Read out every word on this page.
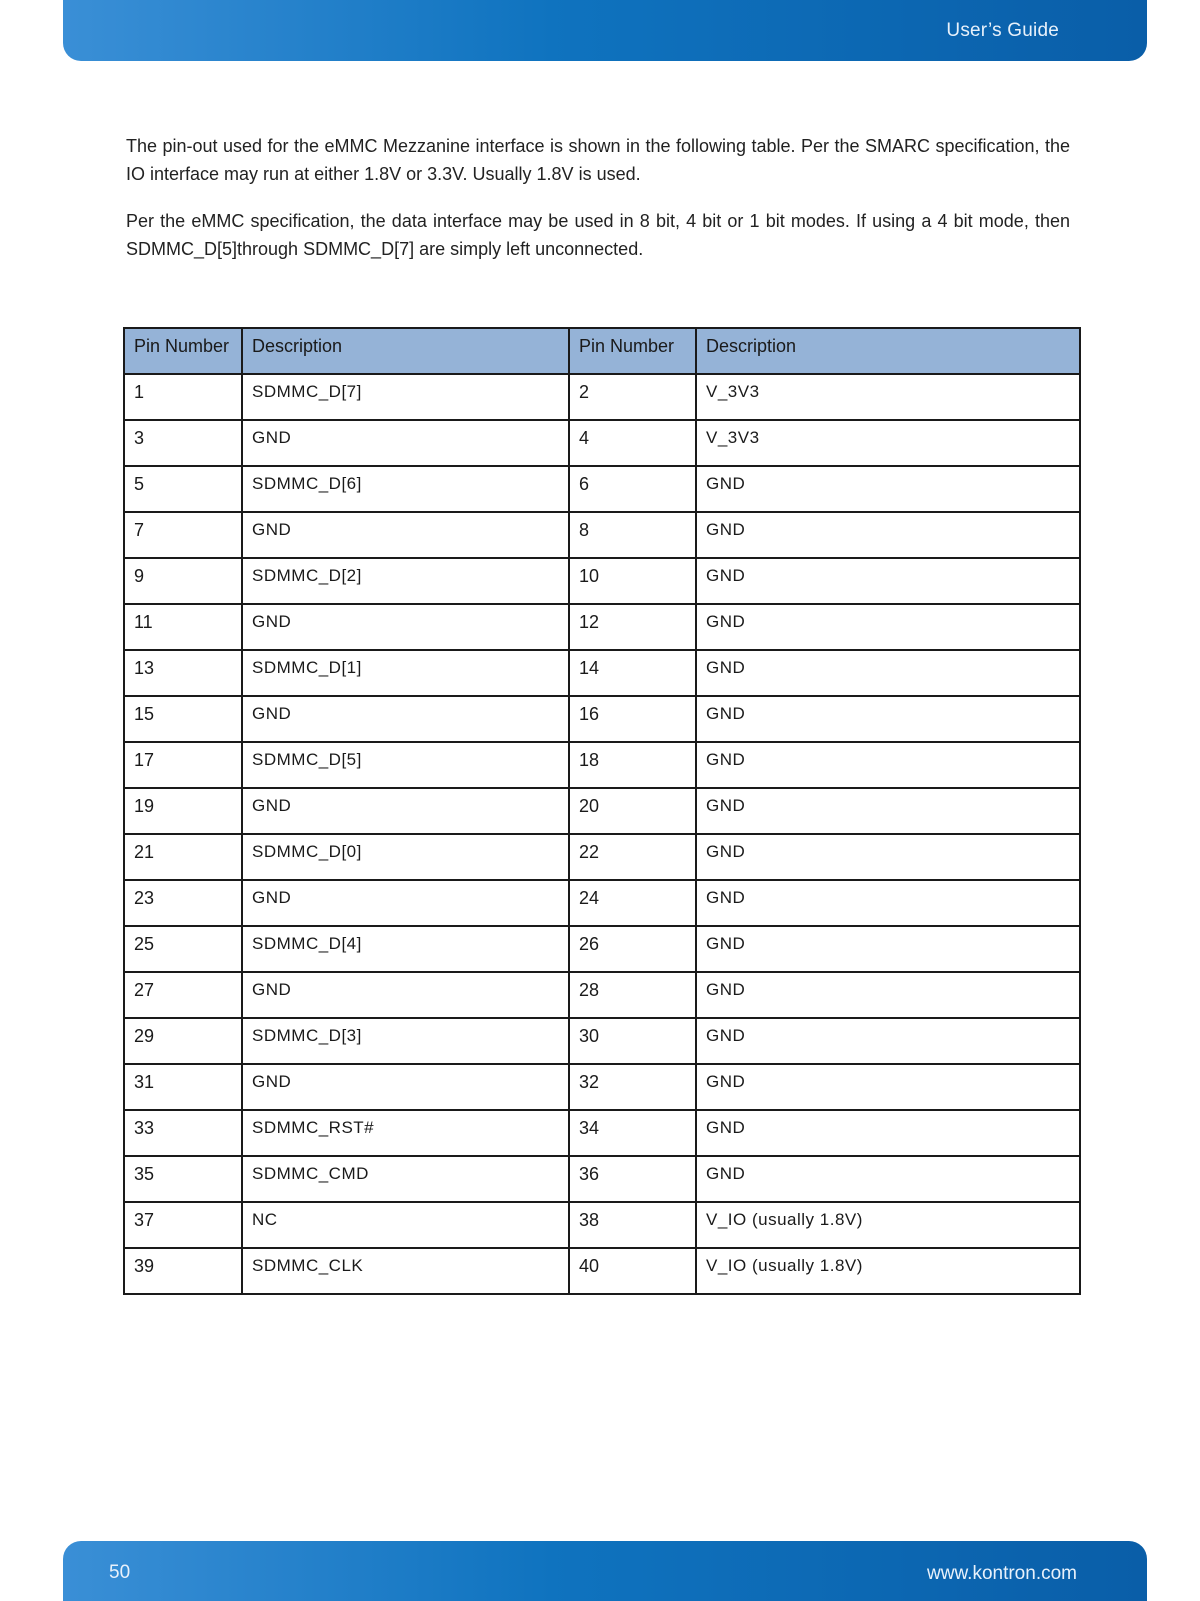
User’s Guide

The pin-out used for the eMMC Mezzanine interface is shown in the following table. Per the SMARC specification, the IO interface may run at either 1.8V or 3.3V. Usually 1.8V is used.

Per the eMMC specification, the data interface may be used in 8 bit, 4 bit or 1 bit modes. If using a 4 bit mode, then SDMMC_D[5]through SDMMC_D[7] are simply left unconnected.

Pin Number	Description	Pin Number	Description
1	SDMMC_D[7]	2	V_3V3
3	GND	4	V_3V3
5	SDMMC_D[6]	6	GND
7	GND	8	GND
9	SDMMC_D[2]	10	GND
11	GND	12	GND
13	SDMMC_D[1]	14	GND
15	GND	16	GND
17	SDMMC_D[5]	18	GND
19	GND	20	GND
21	SDMMC_D[0]	22	GND
23	GND	24	GND
25	SDMMC_D[4]	26	GND
27	GND	28	GND
29	SDMMC_D[3]	30	GND
31	GND	32	GND
33	SDMMC_RST#	34	GND
35	SDMMC_CMD	36	GND
37	NC	38	V_IO (usually 1.8V)
39	SDMMC_CLK	40	V_IO (usually 1.8V)
50	www.kontron.com
